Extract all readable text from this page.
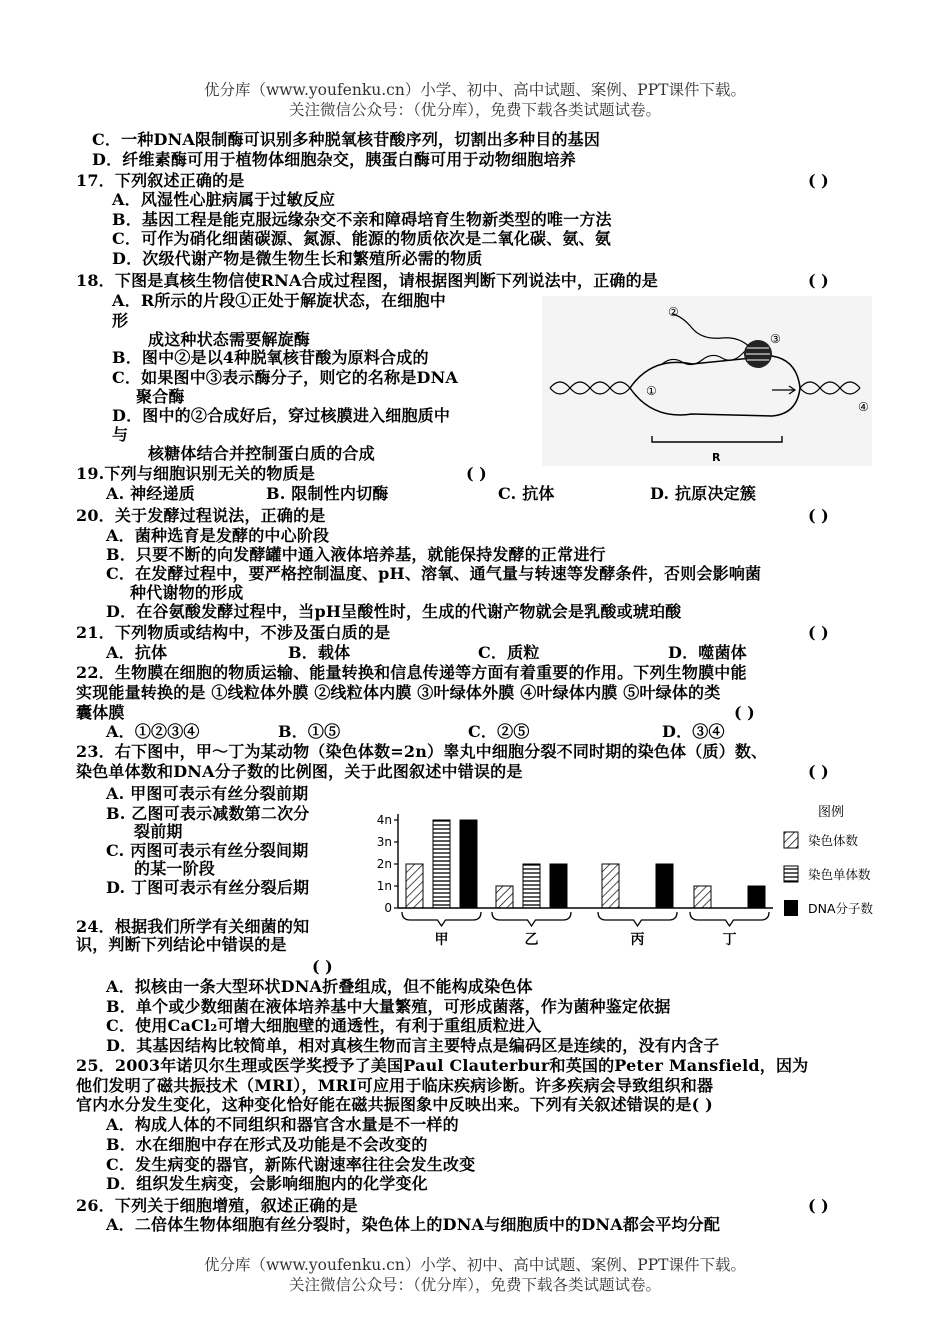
优分库（www.youfenku.cn）小学、初中、高中试题、案例、PPT课件下载。
关注微信公众号：（优分库），免费下载各类试题试卷。
C．一种DNA限制酶可识别多种脱氧核苷酸序列，切割出多种目的基因
D．纤维素酶可用于植物体细胞杂交，胰蛋白酶可用于动物细胞培养
17．下列叙述正确的是	( )
A．风湿性心脏病属于过敏反应
B．基因工程是能克服远缘杂交不亲和障碍培育生物新类型的唯一方法
C．可作为硝化细菌碳源、氮源、能源的物质依次是二氧化碳、氨、氨
D．次级代谢产物是微生物生长和繁殖所必需的物质
18．下图是真核生物信使RNA合成过程图，请根据图判断下列说法中，正确的是	( )
A．R所示的片段①正处于解旋状态，在细胞中
形
成这种状态需要解旋酶
B．图中②是以4种脱氧核苷酸为原料合成的
C．如果图中③表示酶分子，则它的名称是DNA
聚合酶
D．图中的②合成好后，穿过核膜进入细胞质中
与
核糖体结合并控制蛋白质的合成
①
②
③
④
R
19.下列与细胞识别无关的物质是	( )
A. 神经递质	B. 限制性内切酶	C. 抗体	D. 抗原决定簇
20．关于发酵过程说法，正确的是	( )
A．菌种选育是发酵的中心阶段
B．只要不断的向发酵罐中通入液体培养基，就能保持发酵的正常进行
C．在发酵过程中，要严格控制温度、pH、溶氧、通气量与转速等发酵条件，否则会影响菌
种代谢物的形成
D．在谷氨酸发酵过程中，当pH呈酸性时，生成的代谢产物就会是乳酸或琥珀酸
21．下列物质或结构中，不涉及蛋白质的是	( )
A．抗体	B．载体	C．质粒	D．噬菌体
22．生物膜在细胞的物质运输、能量转换和信息传递等方面有着重要的作用。下列生物膜中能
实现能量转换的是 ①线粒体外膜 ②线粒体内膜 ③叶绿体外膜 ④叶绿体内膜 ⑤叶绿体的类
囊体膜	( )
A．①②③④	B．①⑤	C．②⑤	D．③④
23．右下图中，甲～丁为某动物（染色体数=2n）睾丸中细胞分裂不同时期的染色体（质）数、
染色单体数和DNA分子数的比例图，关于此图叙述中错误的是	( )
A. 甲图可表示有丝分裂前期
B. 乙图可表示减数第二次分
裂前期
C. 丙图可表示有丝分裂间期
的某一阶段
D. 丁图可表示有丝分裂后期
0
1n
2n
3n
4n
甲	乙	丙	丁
图例
染色体数
染色单体数
DNA分子数
24．根据我们所学有关细菌的知
识，判断下列结论中错误的是
( )
A．拟核由一条大型环状DNA折叠组成，但不能构成染色体
B．单个或少数细菌在液体培养基中大量繁殖，可形成菌落，作为菌种鉴定依据
C．使用CaCl₂可增大细胞壁的通透性，有利于重组质粒进入
D．其基因结构比较简单，相对真核生物而言主要特点是编码区是连续的，没有内含子
25．2003年诺贝尔生理或医学奖授予了美国Paul Clauterbur和英国的Peter Mansfield，因为
他们发明了磁共振技术（MRI），MRI可应用于临床疾病诊断。许多疾病会导致组织和器
官内水分发生变化，这种变化恰好能在磁共振图象中反映出来。下列有关叙述错误的是( )
A．构成人体的不同组织和器官含水量是不一样的
B．水在细胞中存在形式及功能是不会改变的
C．发生病变的器官，新陈代谢速率往往会发生改变
D．组织发生病变，会影响细胞内的化学变化
26．下列关于细胞增殖，叙述正确的是	( )
A．二倍体生物体细胞有丝分裂时，染色体上的DNA与细胞质中的DNA都会平均分配
优分库（www.youfenku.cn）小学、初中、高中试题、案例、PPT课件下载。
关注微信公众号：（优分库），免费下载各类试题试卷。
